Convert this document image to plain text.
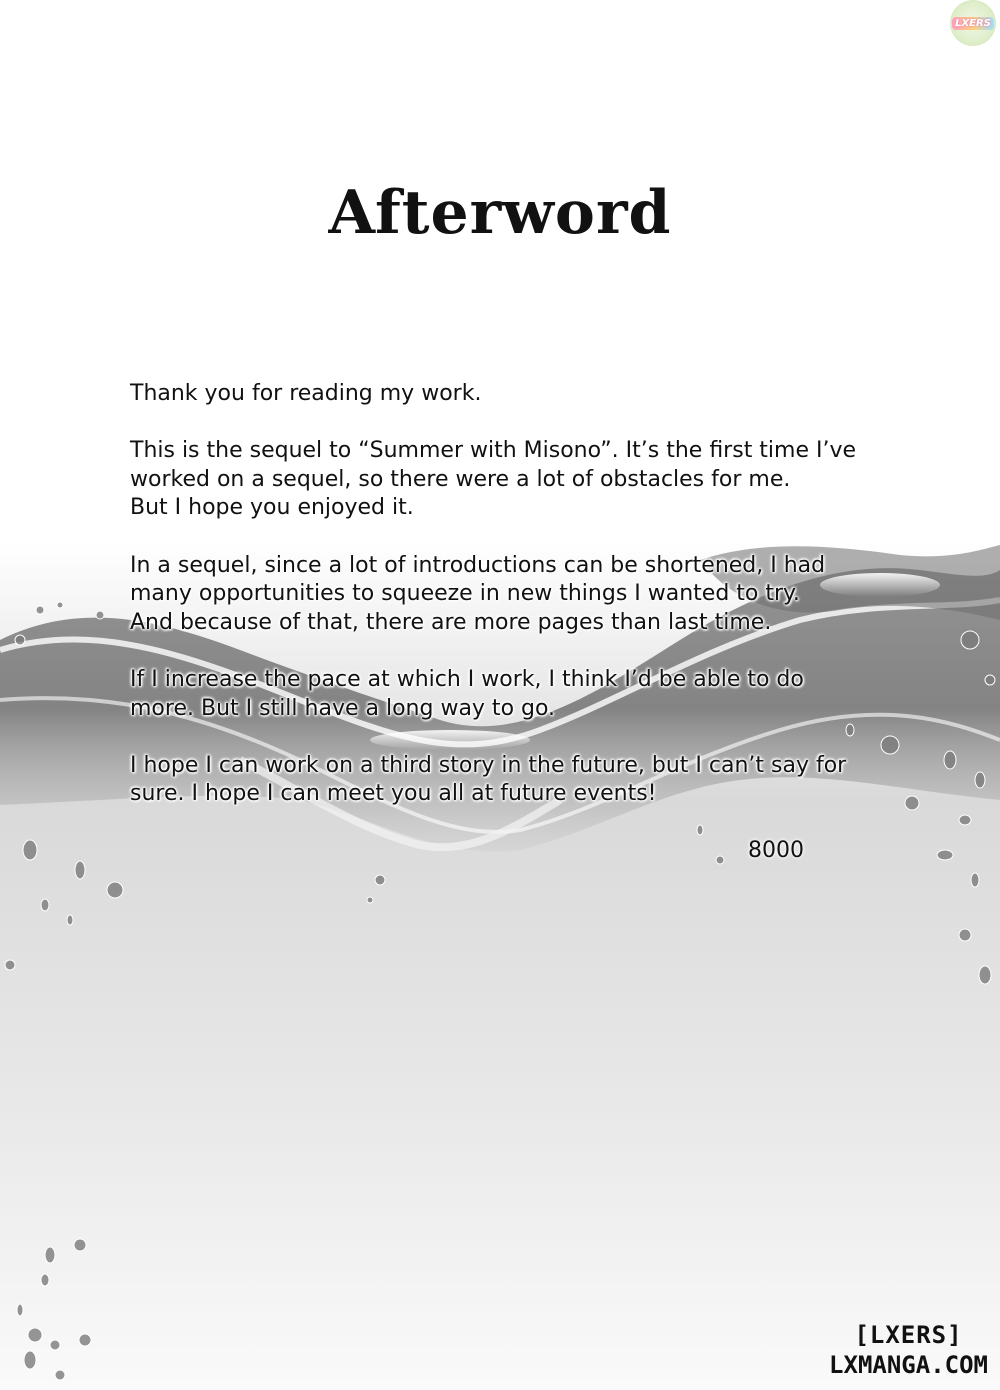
LXERS
Afterword

Thank you for reading my work.

This is the sequel to “Summer with Misono”. It’s the first time I’ve
worked on a sequel, so there were a lot of obstacles for me.
But I hope you enjoyed it.

In a sequel, since a lot of introductions can be shortened, I had
many opportunities to squeeze in new things I wanted to try.
And because of that, there are more pages than last time.

If I increase the pace at which I work, I think I’d be able to do
more. But I still have a long way to go.

I hope I can work on a third story in the future, but I can’t say for
sure. I hope I can meet you all at future events!

8000
[LXERS]
LXMANGA.COM
